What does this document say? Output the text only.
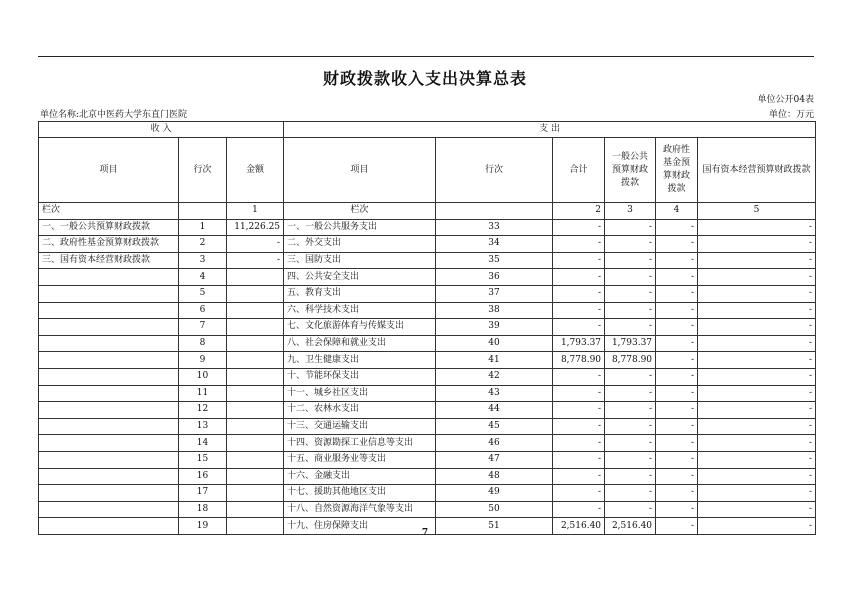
财政拨款收入支出决算总表
单位公开04表
单位名称:北京中医药大学东直门医院	单位：万元
收 入			支 出					
项目	行次	金额	项目	行次	合计	一般公共预算财政拨款	政府性基金预算财政拨款	国有资本经营预算财政拨款
栏次		1	栏次		2	3	4	5
一、一般公共预算财政拨款	1	11,226.25	一、一般公共服务支出	33	-	-	-	-
二、政府性基金预算财政拨款	2	-	二、外交支出	34	-	-	-	-
三、国有资本经营财政拨款	3	-	三、国防支出	35	-	-	-	-
	4		四、公共安全支出	36	-	-	-	-
	5		五、教育支出	37	-	-	-	-
	6		六、科学技术支出	38	-	-	-	-
	7		七、文化旅游体育与传媒支出	39	-	-	-	-
	8		八、社会保障和就业支出	40	1,793.37	1,793.37	-	-
	9		九、卫生健康支出	41	8,778.90	8,778.90	-	-
	10		十、节能环保支出	42	-	-	-	-
	11		十一、城乡社区支出	43	-	-	-	-
	12		十二、农林水支出	44	-	-	-	-
	13		十三、交通运输支出	45	-	-	-	-
	14		十四、资源勘探工业信息等支出	46	-	-	-	-
	15		十五、商业服务业等支出	47	-	-	-	-
	16		十六、金融支出	48	-	-	-	-
	17		十七、援助其他地区支出	49	-	-	-	-
	18		十八、自然资源海洋气象等支出	50	-	-	-	-
	19		十九、住房保障支出	51	2,516.40	2,516.40	-	-
7
